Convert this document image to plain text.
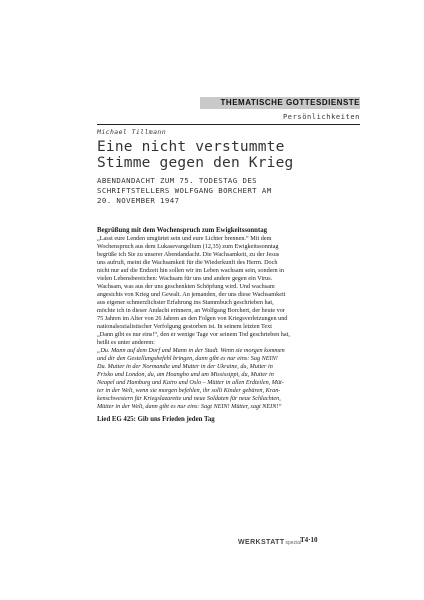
THEMATISCHE GOTTESDIENSTE
Persönlichkeiten
Michael Tillmann
Eine nicht verstummte
Stimme gegen den Krieg
ABENDANDACHT ZUM 75. TODESTAG DES
SCHRIFTSTELLERS WOLFGANG BORCHERT AM
20. NOVEMBER 1947
Begrüßung mit dem Wochenspruch zum Ewigkeitssonntag

„Lasst eure Lenden umgürtet sein und eure Lichter brennen.“ Mit dem
Wochenspruch aus dem Lukasevangelium (12,35) zum Ewigkeitssonntag
begrüße ich Sie zu unserer Abendandacht. Die Wachsamkeit, zu der Jesus
uns aufruft, meint die Wachsamkeit für die Wiederkunft des Herrn. Doch
nicht nur auf die Endzeit hin sollen wir im Leben wachsam sein, sondern in
vielen Lebensbereichen: Wachsam für uns und andere gegen ein Virus.
Wachsam, was aus der uns geschenkten Schöpfung wird. Und wachsam
angesichts von Krieg und Gewalt. An jemanden, der uns diese Wachsamkeit
aus eigener schmerzlichster Erfahrung ins Stammbuch geschrieben hat,
möchte ich in dieser Andacht erinnern, an Wolfgang Borchert, der heute vor
75 Jahren im Alter von 26 Jahren an den Folgen von Kriegsverletzungen und
nationalsozialistischer Verfolgung gestorben ist. In seinem letzten Text
„Dann gibt es nur eins!“, den er wenige Tage vor seinem Tod geschrieben hat,
heißt es unter anderem:

„Du. Mann auf dem Dorf und Mann in der Stadt. Wenn sie morgen kommen
und dir den Gestellungsbefehl bringen, dann gibt es nur eins: Sag NEIN!
Du. Mutter in der Normandie und Mutter in der Ukraine, du, Mutter in
Frisko und London, du, am Hoangho und am Mississippi, du, Mutter in
Neapel und Hamburg und Kairo und Oslo – Mütter in allen Erdteilen, Müt-
ter in der Welt, wenn sie morgen befehlen, ihr sollt Kinder gebären, Kran-
kenschwestern für Kriegslazarette und neue Soldaten für neue Schlachten,
Mütter in der Welt, dann gibt es nur eins: Sagt NEIN! Mütter, sagt NEIN!“

Lied EG 425: Gib uns Frieden jeden Tag
WERKSTATTspezial
T4·10
